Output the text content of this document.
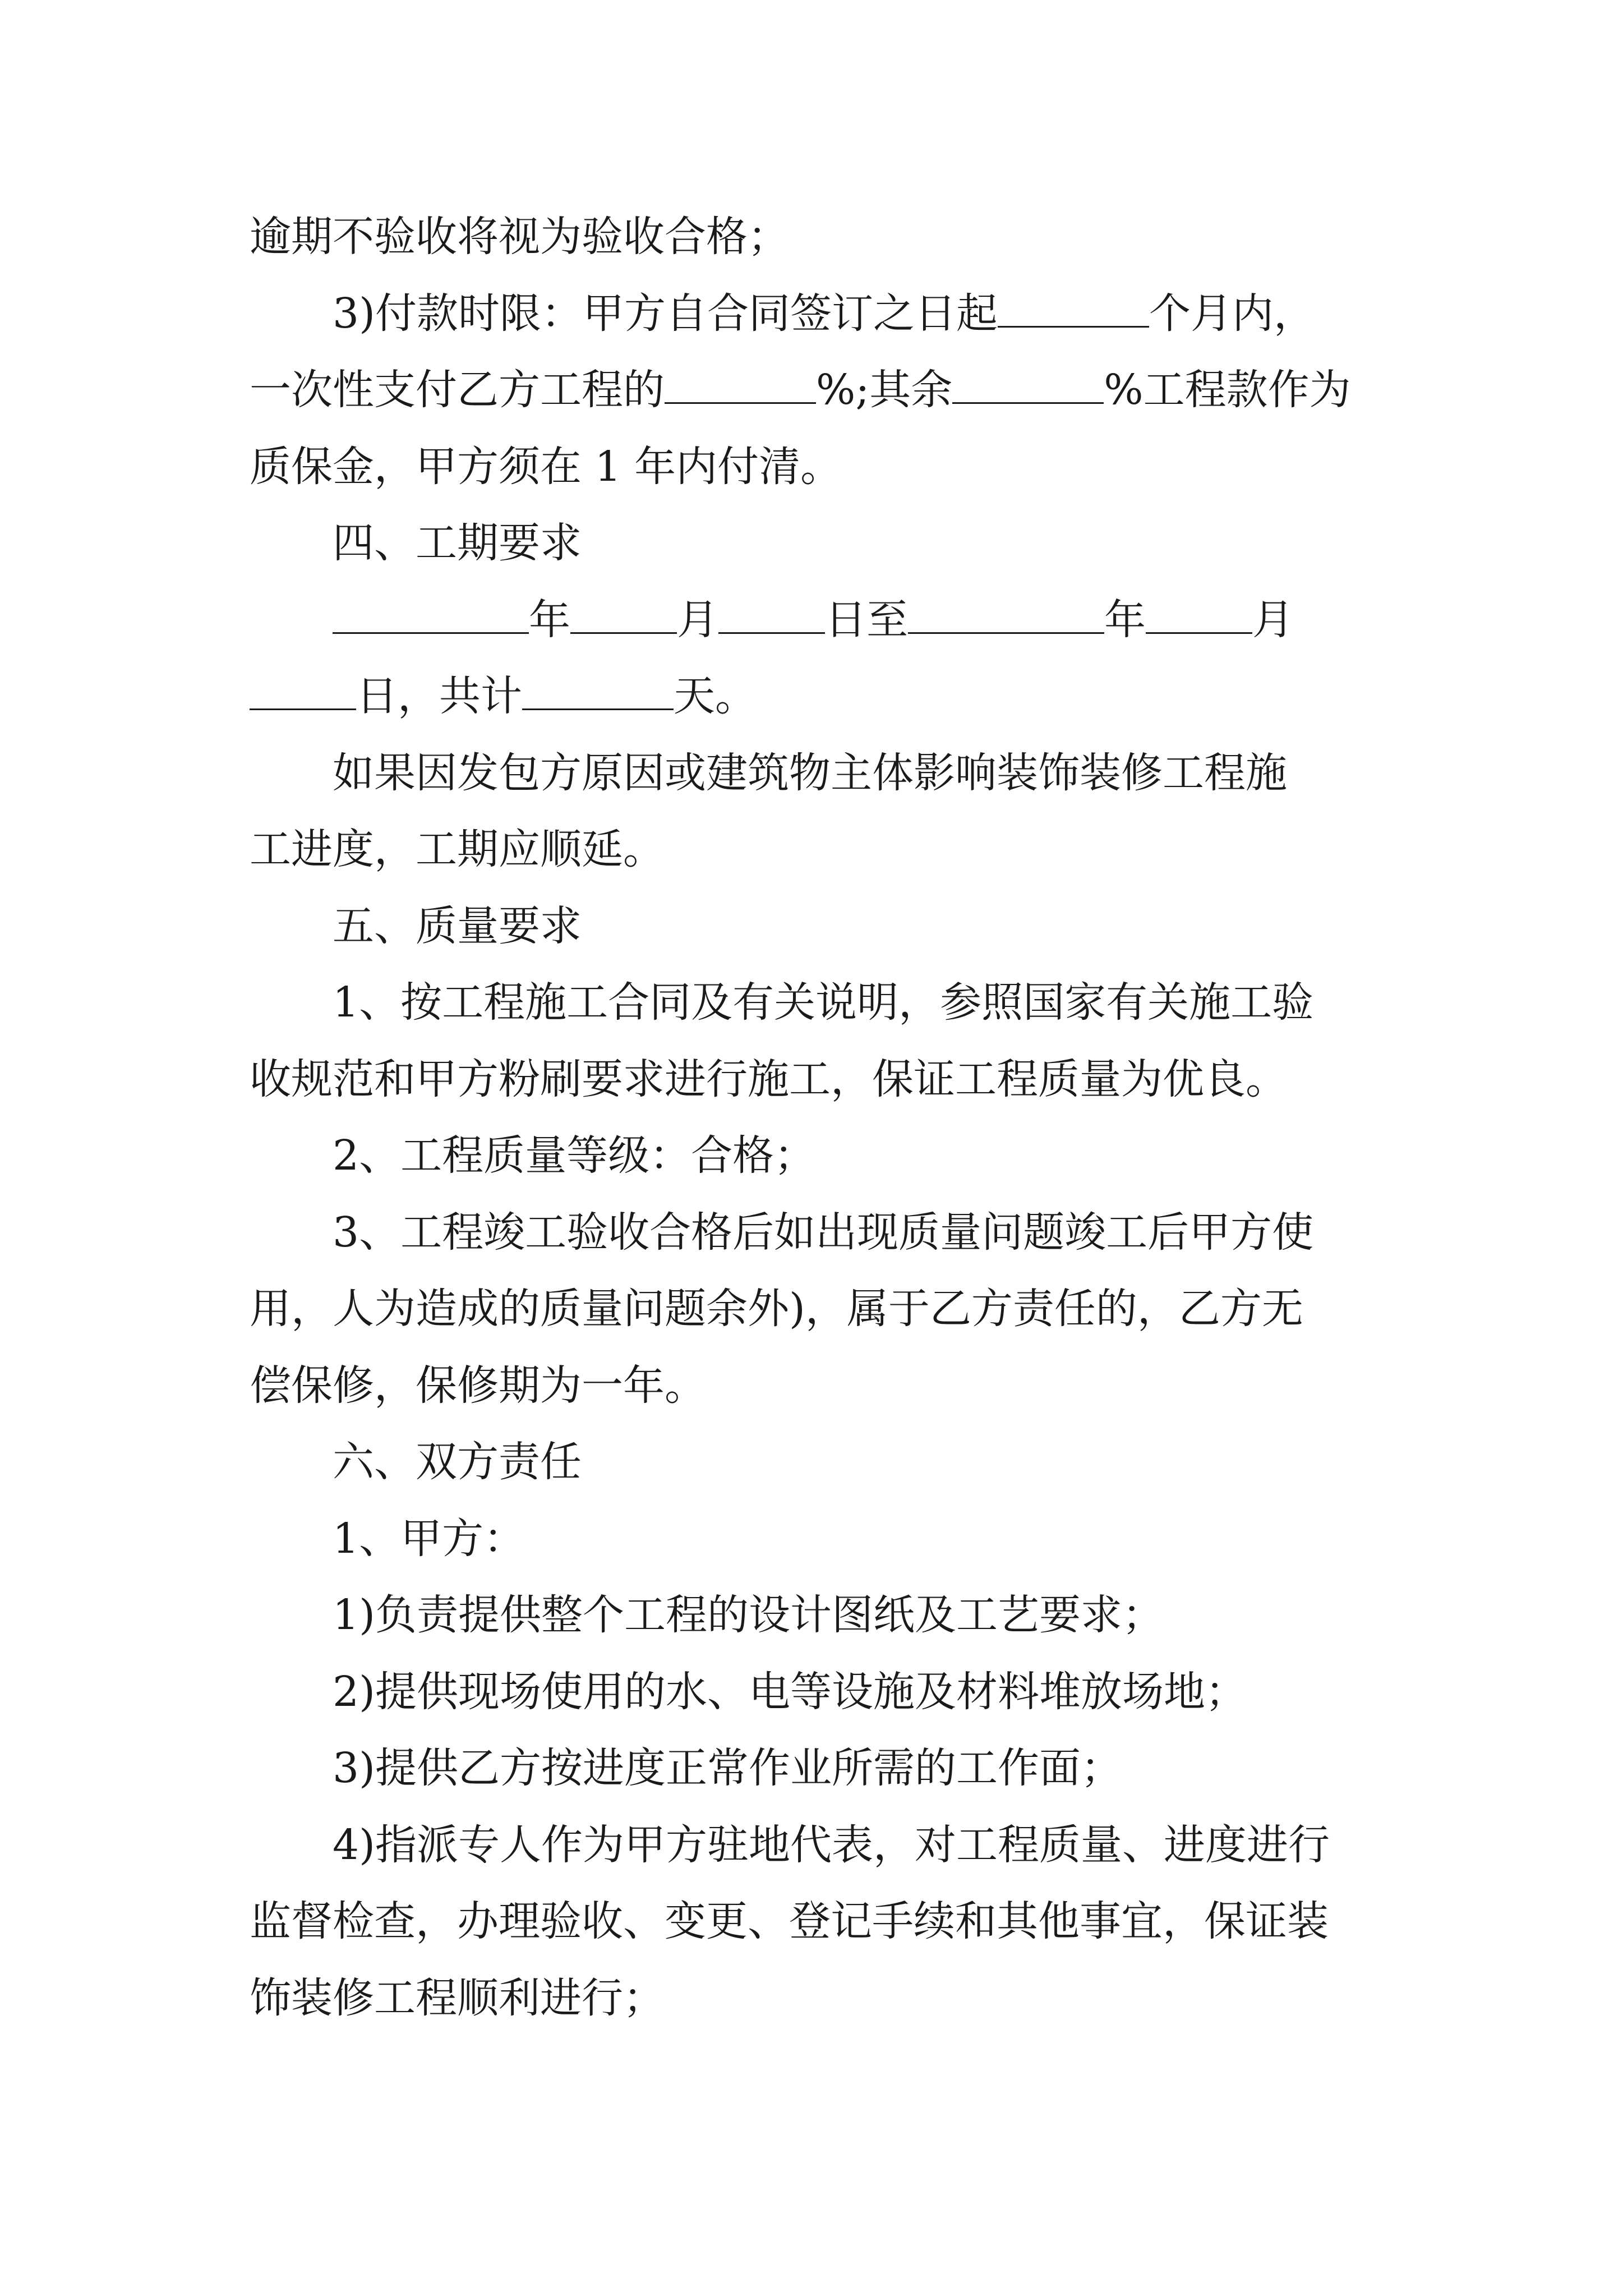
逾期不验收将视为验收合格；
3)付款时限：甲方自合同签订之日起	个月内，
一次性支付乙方工程的	%;其余	%工程款作为
质保金，甲方须在 1 年内付清。
四、工期要求
年	月	日至	年	月
日，共计	天。
如果因发包方原因或建筑物主体影响装饰装修工程施
工进度，工期应顺延。
五、质量要求
1、按工程施工合同及有关说明，参照国家有关施工验
收规范和甲方粉刷要求进行施工，保证工程质量为优良。
2、工程质量等级：合格；
3、工程竣工验收合格后如出现质量问题竣工后甲方使
用，人为造成的质量问题余外)，属于乙方责任的，乙方无
偿保修，保修期为一年。
六、双方责任
1、甲方：
1)负责提供整个工程的设计图纸及工艺要求；
2)提供现场使用的水、电等设施及材料堆放场地；
3)提供乙方按进度正常作业所需的工作面；
4)指派专人作为甲方驻地代表，对工程质量、进度进行
监督检查，办理验收、变更、登记手续和其他事宜，保证装
饰装修工程顺利进行；
